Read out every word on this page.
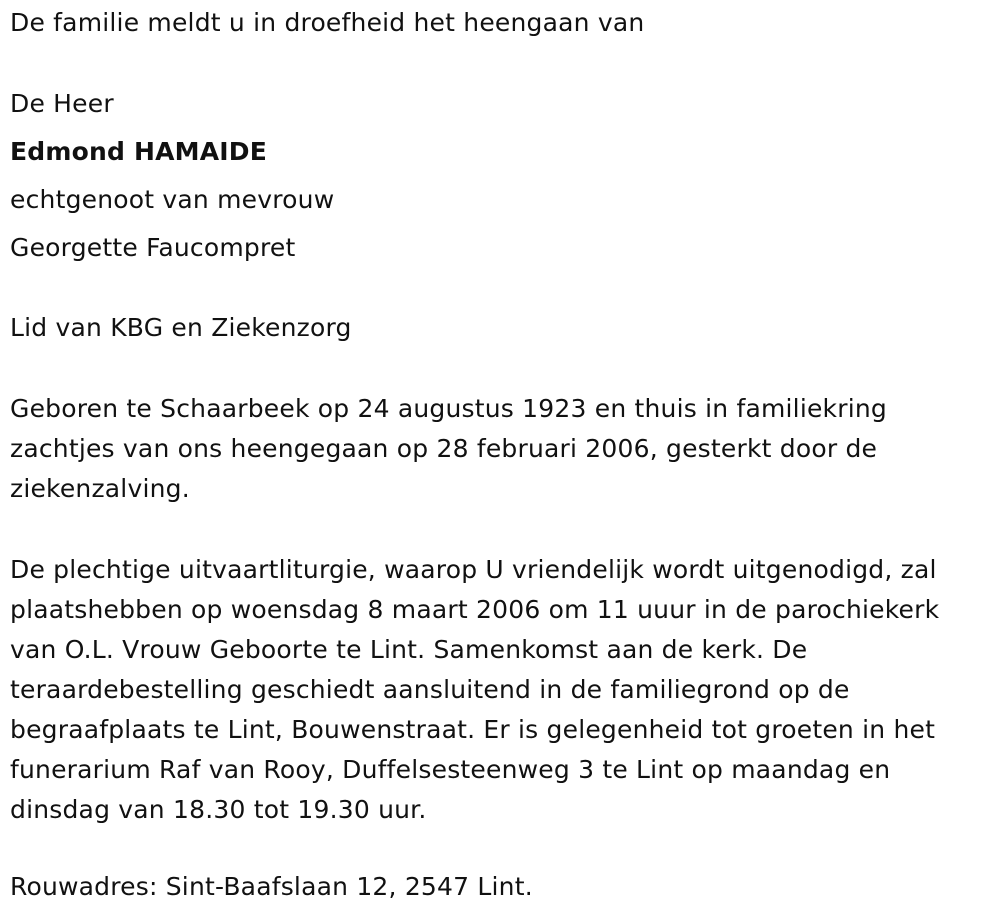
De familie meldt u in droefheid het heengaan van
De Heer
Edmond HAMAIDE
echtgenoot van mevrouw
Georgette Faucompret
Lid van KBG en Ziekenzorg
Geboren te Schaarbeek op 24 augustus 1923 en thuis in familiekring
zachtjes van ons heengegaan op 28 februari 2006, gesterkt door de
ziekenzalving.
De plechtige uitvaartliturgie, waarop U vriendelijk wordt uitgenodigd, zal
plaatshebben op woensdag 8 maart 2006 om 11 uuur in de parochiekerk
van O.L. Vrouw Geboorte te Lint. Samenkomst aan de kerk. De
teraardebestelling geschiedt aansluitend in de familiegrond op de
begraafplaats te Lint, Bouwenstraat. Er is gelegenheid tot groeten in het
funerarium Raf van Rooy, Duffelsesteenweg 3 te Lint op maandag en
dinsdag van 18.30 tot 19.30 uur.
Rouwadres: Sint-Baafslaan 12, 2547 Lint.
